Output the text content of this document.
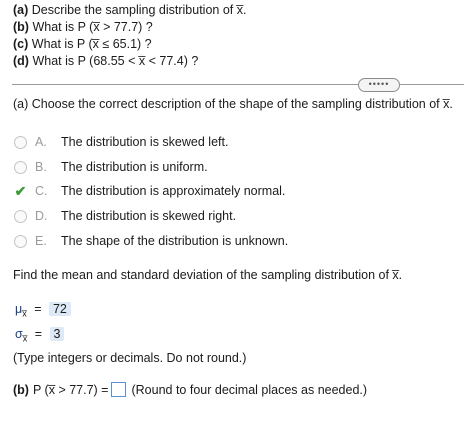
(a) Describe the sampling distribution of x̅.
(b) What is P (x̅ > 77.7) ?
(c) What is P (x̅ ≤ 65.1) ?
(d) What is P (68.55 < x̅ < 77.4) ?
•••••
(a) Choose the correct description of the shape of the sampling distribution of x̅.
A.	The distribution is skewed left.
B.	The distribution is uniform.
✔ C.	The distribution is approximately normal.
D.	The distribution is skewed right.
E.	The shape of the distribution is unknown.
Find the mean and standard deviation of the sampling distribution of x̅.
$\mu_{x̅} = 72$
$\sigma_{x̅} = 3$
(Type integers or decimals. Do not round.)
(b) P (x̅ > 77.7) = (Round to four decimal places as needed.)
